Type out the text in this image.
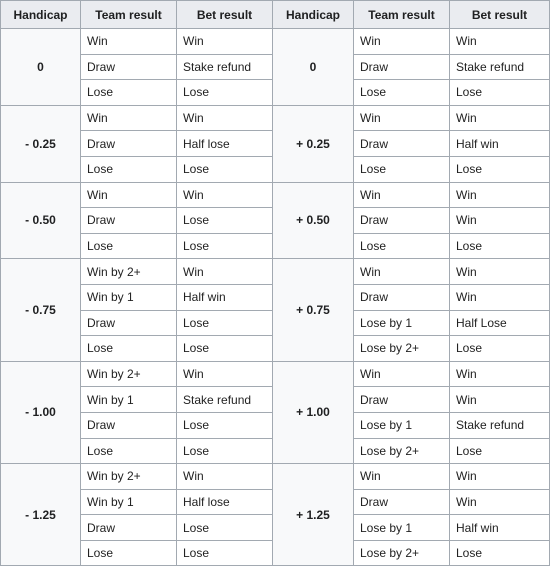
Handicap	Team result	Bet result	Handicap	Team result	Bet result
0	Win	Win	0	Win	Win
	Draw	Stake refund		Draw	Stake refund
	Lose	Lose		Lose	Lose
- 0.25	Win	Win	+ 0.25	Win	Win
	Draw	Half lose		Draw	Half win
	Lose	Lose		Lose	Lose
- 0.50	Win	Win	+ 0.50	Win	Win
	Draw	Lose		Draw	Win
	Lose	Lose		Lose	Lose
- 0.75	Win by 2+	Win	+ 0.75	Win	Win
	Win by 1	Half win		Draw	Win
	Draw	Lose		Lose by 1	Half Lose
	Lose	Lose		Lose by 2+	Lose
- 1.00	Win by 2+	Win	+ 1.00	Win	Win
	Win by 1	Stake refund		Draw	Win
	Draw	Lose		Lose by 1	Stake refund
	Lose	Lose		Lose by 2+	Lose
- 1.25	Win by 2+	Win	+ 1.25	Win	Win
	Win by 1	Half lose		Draw	Win
	Draw	Lose		Lose by 1	Half win
	Lose	Lose		Lose by 2+	Lose
